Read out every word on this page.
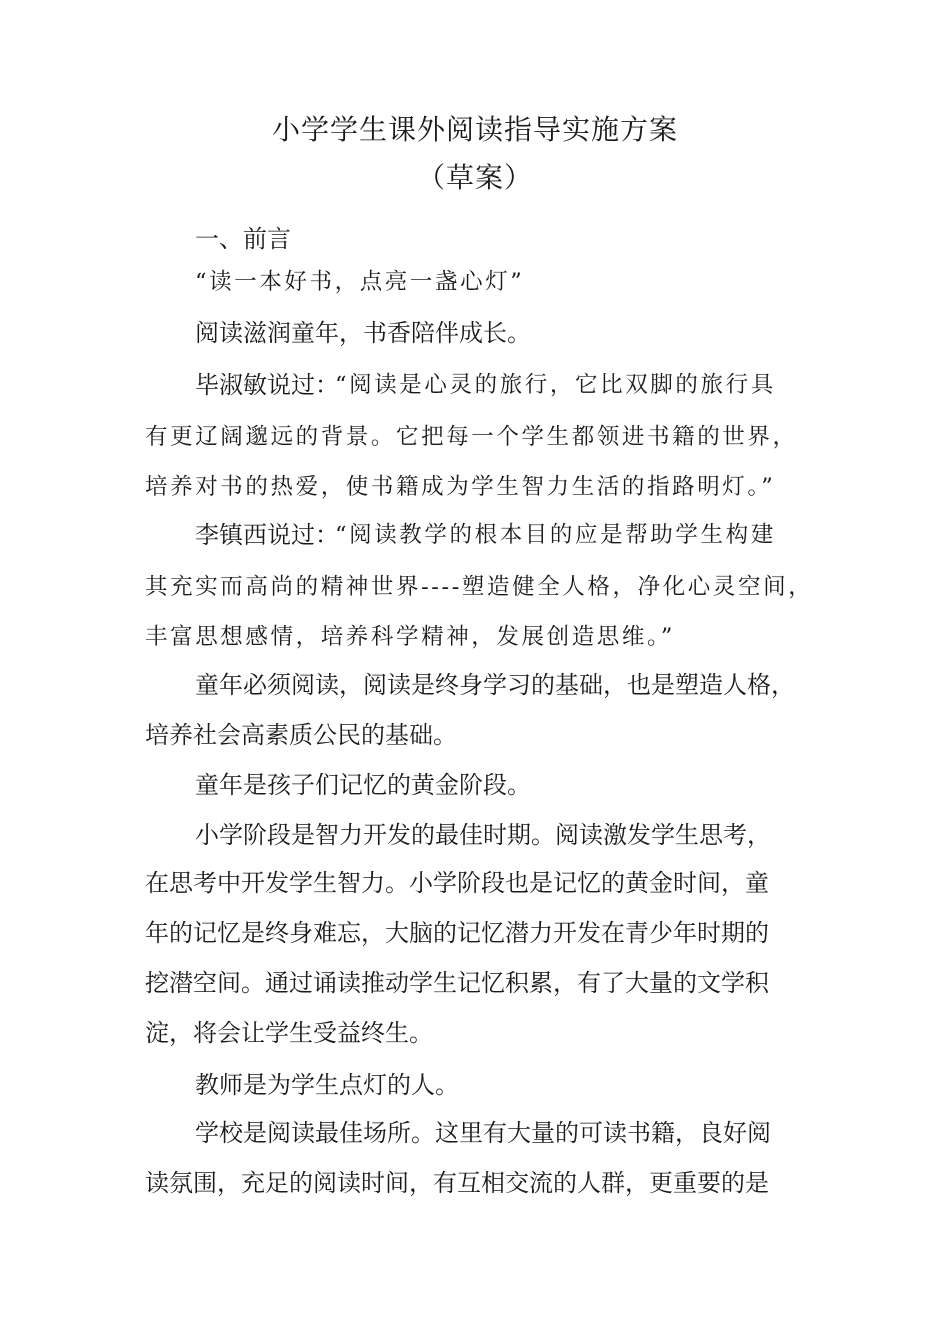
小学学生课外阅读指导实施方案
（草案）
一、前言
“读一本好书，点亮一盏心灯”
阅读滋润童年，书香陪伴成长。
毕淑敏说过：
“阅读是心灵的旅行，它比双脚的旅行具
有更辽阔邈远的背景。它把每一个学生都领进书籍的世界，
培养对书的热爱，使书籍成为学生智力生活的指路明灯。”
李镇西说过：
“阅读教学的根本目的应是帮助学生构建
其充实而高尚的精神世界----塑造健全人格，净化心灵空间，
丰富思想感情，培养科学精神，发展创造思维。”
童年必须阅读，阅读是终身学习的基础，也是塑造人格，
培养社会高素质公民的基础。
童年是孩子们记忆的黄金阶段。
小学阶段是智力开发的最佳时期。阅读激发学生思考，
在思考中开发学生智力。小学阶段也是记忆的黄金时间，童
年的记忆是终身难忘，大脑的记忆潜力开发在青少年时期的
挖潜空间。通过诵读推动学生记忆积累，有了大量的文学积
淀，将会让学生受益终生。
教师是为学生点灯的人。
学校是阅读最佳场所。这里有大量的可读书籍，良好阅
读氛围，充足的阅读时间，有互相交流的人群，更重要的是
